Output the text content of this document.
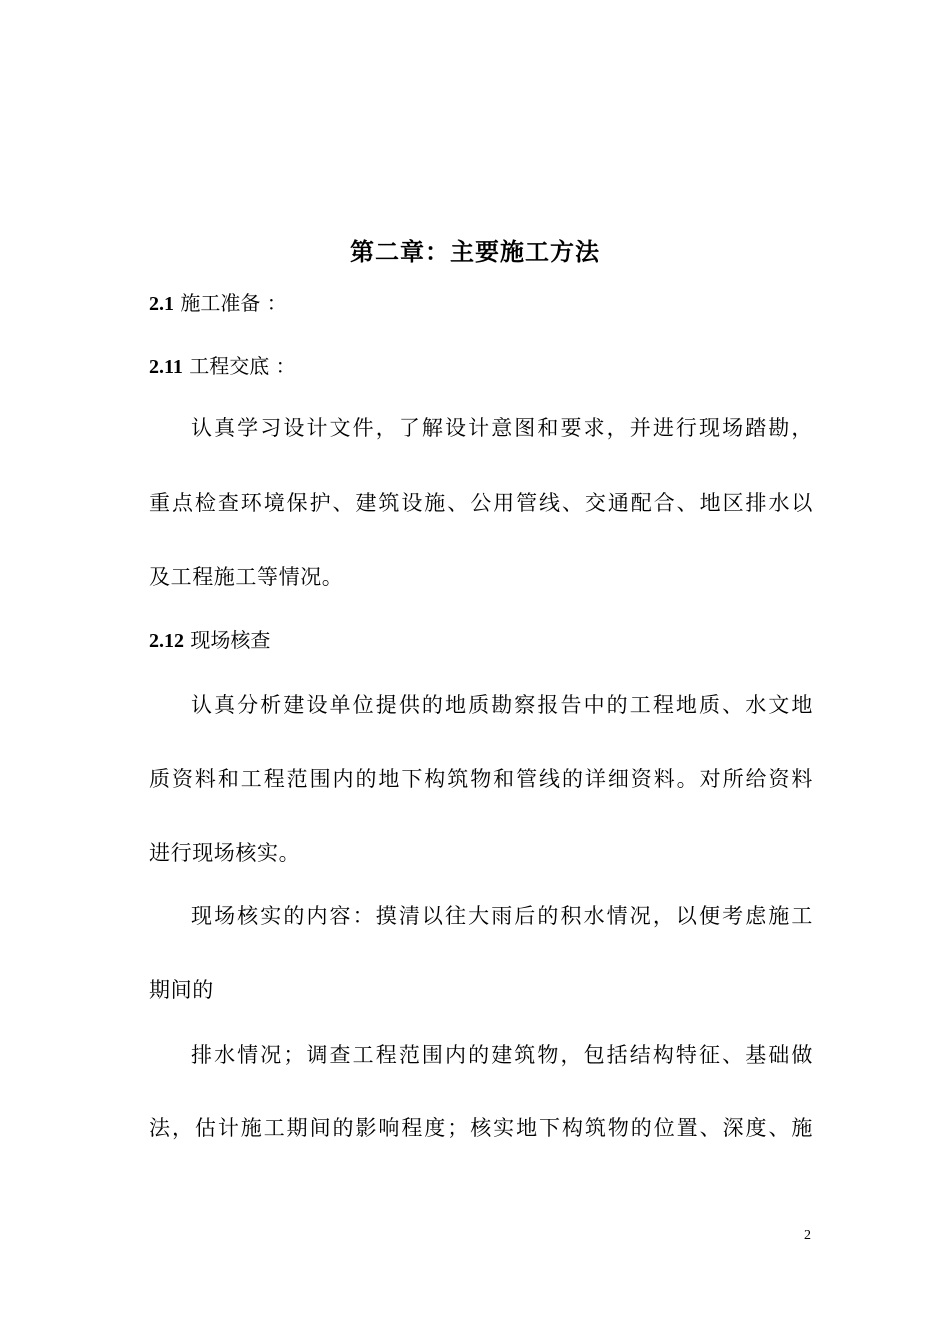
第二章：主要施工方法

2.1 施工准备 ：

2.11 工程交底 ：

认真学习设计文件，了解设计意图和要求，并进行现场踏勘，

重点检查环境保护、建筑设施、公用管线、交通配合、地区排水以

及工程施工等情况。

2.12 现场核查

认真分析建设单位提供的地质勘察报告中的工程地质、水文地

质资料和工程范围内的地下构筑物和管线的详细资料。对所给资料

进行现场核实。

现场核实的内容：摸清以往大雨后的积水情况，以便考虑施工

期间的

排水情况；调查工程范围内的建筑物，包括结构特征、基础做

法，估计施工期间的影响程度；核实地下构筑物的位置、深度、施

2
